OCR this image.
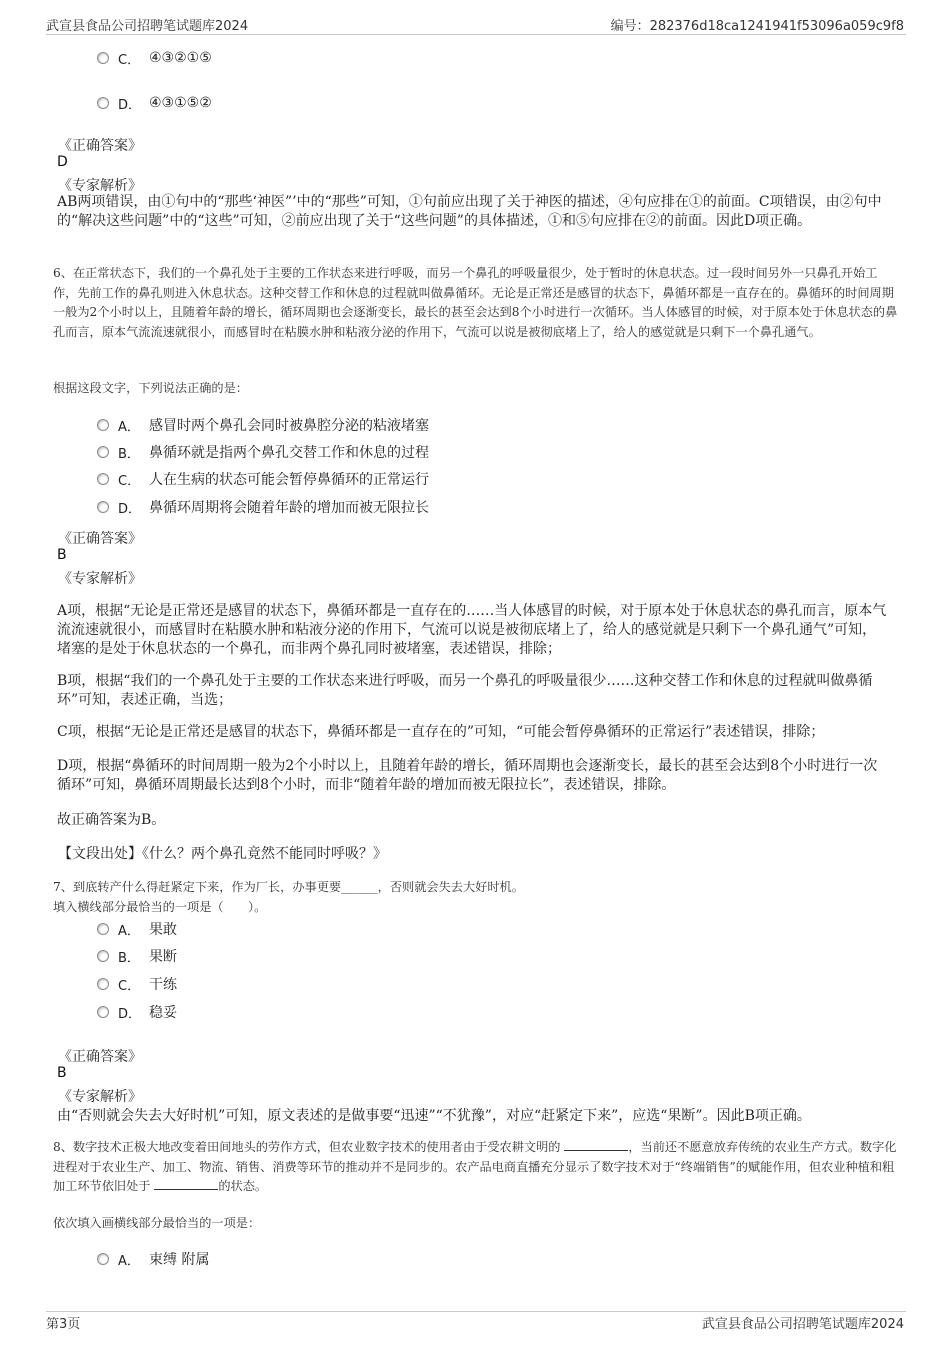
武宣县食品公司招聘笔试题库2024	编号：282376d18ca1241941f53096a059c9f8
C． ④③②①⑤
D． ④③①⑤②
《正确答案》
D
《专家解析》
AB两项错误，由①句中的“那些‘神医”’中的“那些”可知，①句前应出现了关于神医的描述，④句应排在①的前面。C项错误，由②句中的“解决这些问题”中的“这些”可知，②前应出现了关于“这些问题”的具体描述，①和⑤句应排在②的前面。因此D项正确。
6、在正常状态下，我们的一个鼻孔处于主要的工作状态来进行呼吸，而另一个鼻孔的呼吸量很少，处于暂时的休息状态。过一段时间另外一只鼻孔开始工作，先前工作的鼻孔则进入休息状态。这种交替工作和休息的过程就叫做鼻循环。无论是正常还是感冒的状态下，鼻循环都是一直存在的。鼻循环的时间周期一般为2个小时以上，且随着年龄的增长，循环周期也会逐渐变长，最长的甚至会达到8个小时进行一次循环。当人体感冒的时候，对于原本处于休息状态的鼻孔而言，原本气流流速就很小，而感冒时在粘膜水肿和粘液分泌的作用下，气流可以说是被彻底堵上了，给人的感觉就是只剩下一个鼻孔通气。
根据这段文字，下列说法正确的是：
A． 感冒时两个鼻孔会同时被鼻腔分泌的粘液堵塞
B． 鼻循环就是指两个鼻孔交替工作和休息的过程
C． 人在生病的状态可能会暂停鼻循环的正常运行
D． 鼻循环周期将会随着年龄的增加而被无限拉长
《正确答案》
B
《专家解析》
A项，根据“无论是正常还是感冒的状态下，鼻循环都是一直存在的……当人体感冒的时候，对于原本处于休息状态的鼻孔而言，原本气流流速就很小，而感冒时在粘膜水肿和粘液分泌的作用下，气流可以说是被彻底堵上了，给人的感觉就是只剩下一个鼻孔通气”可知，堵塞的是处于休息状态的一个鼻孔，而非两个鼻孔同时被堵塞，表述错误，排除；
B项，根据“我们的一个鼻孔处于主要的工作状态来进行呼吸，而另一个鼻孔的呼吸量很少……这种交替工作和休息的过程就叫做鼻循环”可知，表述正确，当选；
C项，根据“无论是正常还是感冒的状态下，鼻循环都是一直存在的”可知，“可能会暂停鼻循环的正常运行”表述错误，排除；
D项，根据“鼻循环的时间周期一般为2个小时以上，且随着年龄的增长，循环周期也会逐渐变长，最长的甚至会达到8个小时进行一次循环”可知，鼻循环周期最长达到8个小时，而非“随着年龄的增加而被无限拉长”，表述错误，排除。
故正确答案为B。
【文段出处】《什么？两个鼻孔竟然不能同时呼吸？》
7、到底转产什么得赶紧定下来，作为厂长，办事更要______，否则就会失去大好时机。
填入横线部分最恰当的一项是（　　）。
A． 果敢
B． 果断
C． 干练
D． 稳妥
《正确答案》
B
《专家解析》
由“否则就会失去大好时机”可知，原文表述的是做事要“迅速”“不犹豫”，对应“赶紧定下来”，应选“果断”。因此B项正确。
8、数字技术正极大地改变着田间地头的劳作方式，但农业数字技术的使用者由于受农耕文明的	，当前还不愿意放弃传统的农业生产方式。数字化进程对于农业生产、加工、物流、销售、消费等环节的推动并不是同步的。农产品电商直播充分显示了数字技术对于“终端销售”的赋能作用，但农业种植和粗加工环节依旧处于	的状态。
依次填入画横线部分最恰当的一项是：
A． 束缚 附属
第3页	武宣县食品公司招聘笔试题库2024
